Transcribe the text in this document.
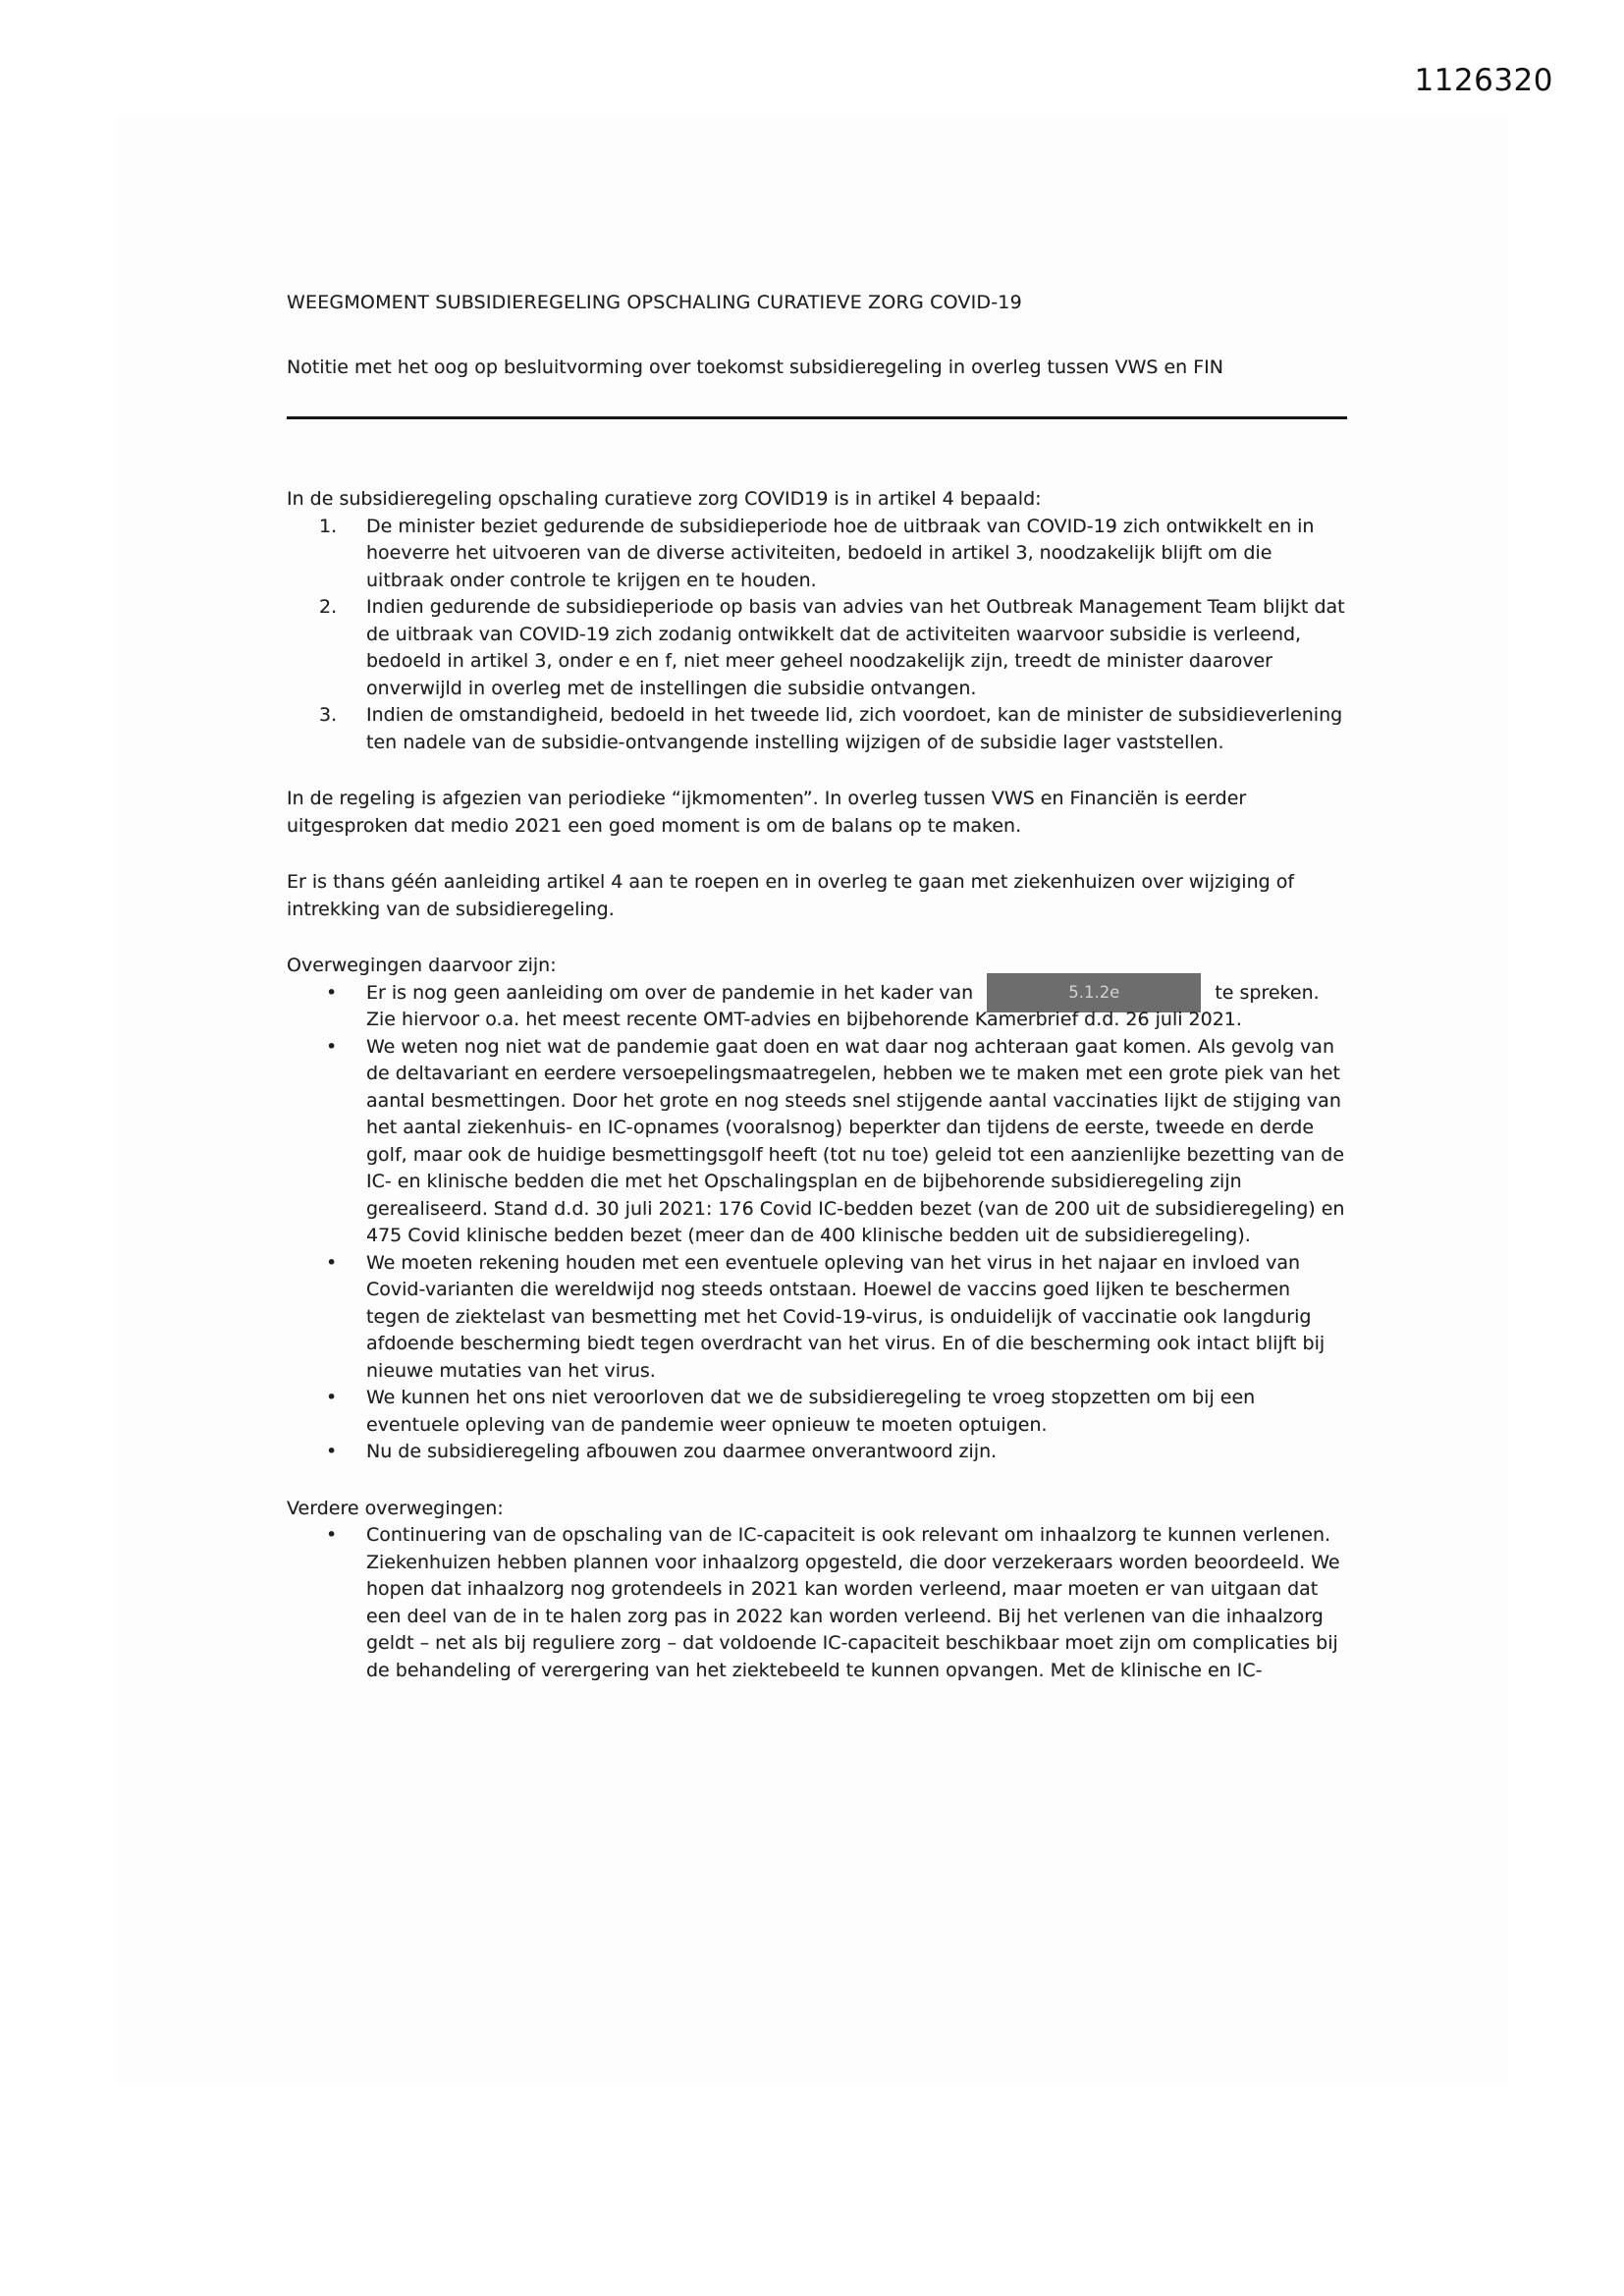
1126320
WEEGMOMENT SUBSIDIEREGELING OPSCHALING CURATIEVE ZORG COVID-19
Notitie met het oog op besluitvorming over toekomst subsidieregeling in overleg tussen VWS en FIN

In de subsidieregeling opschaling curatieve zorg COVID19 is in artikel 4 bepaald:

1. De minister beziet gedurende de subsidieperiode hoe de uitbraak van COVID-19 zich ontwikkelt en in hoeverre het uitvoeren van de diverse activiteiten, bedoeld in artikel 3, noodzakelijk blijft om die uitbraak onder controle te krijgen en te houden.
2. Indien gedurende de subsidieperiode op basis van advies van het Outbreak Management Team blijkt dat de uitbraak van COVID-19 zich zodanig ontwikkelt dat de activiteiten waarvoor subsidie is verleend, bedoeld in artikel 3, onder e en f, niet meer geheel noodzakelijk zijn, treedt de minister daarover onverwijld in overleg met de instellingen die subsidie ontvangen.
3. Indien de omstandigheid, bedoeld in het tweede lid, zich voordoet, kan de minister de subsidieverlening ten nadele van de subsidie-ontvangende instelling wijzigen of de subsidie lager vaststellen.

In de regeling is afgezien van periodieke “ijkmomenten”. In overleg tussen VWS en Financiën is eerder uitgesproken dat medio 2021 een goed moment is om de balans op te maken.

Er is thans géén aanleiding artikel 4 aan te roepen en in overleg te gaan met ziekenhuizen over wijziging of intrekking van de subsidieregeling.

Overwegingen daarvoor zijn:

• Er is nog geen aanleiding om over de pandemie in het kader van	5.1.2e	te spreken. Zie hiervoor o.a. het meest recente OMT-advies en bijbehorende Kamerbrief d.d. 26 juli 2021.
• We weten nog niet wat de pandemie gaat doen en wat daar nog achteraan gaat komen. Als gevolg van de deltavariant en eerdere versoepelingsmaatregelen, hebben we te maken met een grote piek van het aantal besmettingen. Door het grote en nog steeds snel stijgende aantal vaccinaties lijkt de stijging van het aantal ziekenhuis- en IC-opnames (vooralsnog) beperkter dan tijdens de eerste, tweede en derde golf, maar ook de huidige besmettingsgolf heeft (tot nu toe) geleid tot een aanzienlijke bezetting van de IC- en klinische bedden die met het Opschalingsplan en de bijbehorende subsidieregeling zijn gerealiseerd. Stand d.d. 30 juli 2021: 176 Covid IC-bedden bezet (van de 200 uit de subsidieregeling) en 475 Covid klinische bedden bezet (meer dan de 400 klinische bedden uit de subsidieregeling).
• We moeten rekening houden met een eventuele opleving van het virus in het najaar en invloed van Covid-varianten die wereldwijd nog steeds ontstaan. Hoewel de vaccins goed lijken te beschermen tegen de ziektelast van besmetting met het Covid-19-virus, is onduidelijk of vaccinatie ook langdurig afdoende bescherming biedt tegen overdracht van het virus. En of die bescherming ook intact blijft bij nieuwe mutaties van het virus.
• We kunnen het ons niet veroorloven dat we de subsidieregeling te vroeg stopzetten om bij een eventuele opleving van de pandemie weer opnieuw te moeten optuigen.
• Nu de subsidieregeling afbouwen zou daarmee onverantwoord zijn.

Verdere overwegingen:

• Continuering van de opschaling van de IC-capaciteit is ook relevant om inhaalzorg te kunnen verlenen. Ziekenhuizen hebben plannen voor inhaalzorg opgesteld, die door verzekeraars worden beoordeeld. We hopen dat inhaalzorg nog grotendeels in 2021 kan worden verleend, maar moeten er van uitgaan dat een deel van de in te halen zorg pas in 2022 kan worden verleend. Bij het verlenen van die inhaalzorg geldt – net als bij reguliere zorg – dat voldoende IC-capaciteit beschikbaar moet zijn om complicaties bij de behandeling of verergering van het ziektebeeld te kunnen opvangen. Met de klinische en IC-
